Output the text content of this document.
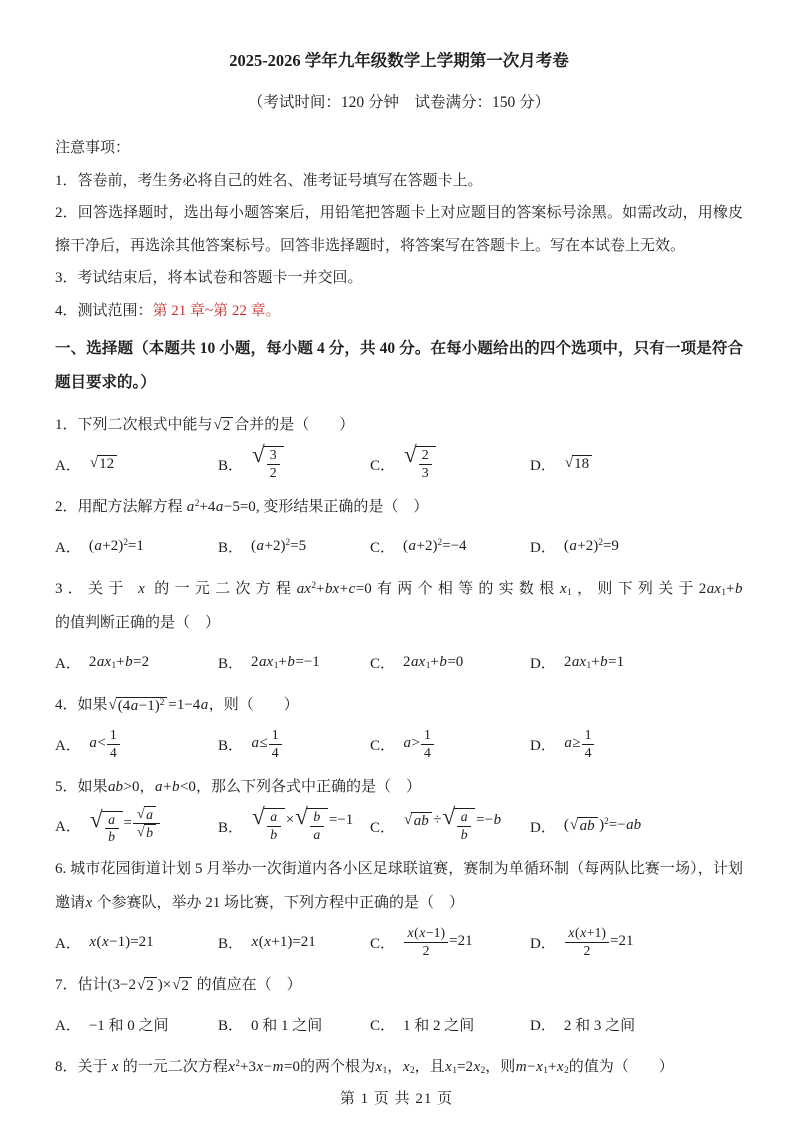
2025-2026 学年九年级数学上学期第一次月考卷
（考试时间：120 分钟　试卷满分：150 分）
注意事项：
1．答卷前，考生务必将自己的姓名、准考证号填写在答题卡上。
2．回答选择题时，选出每小题答案后，用铅笔把答题卡上对应题目的答案标号涂黑。如需改动，用橡皮擦干净后，再选涂其他答案标号。回答非选择题时，将答案写在答题卡上。写在本试卷上无效。
3．考试结束后，将本试卷和答题卡一并交回。
4．测试范围：第 21 章~第 22 章。
一、选择题（本题共 10 小题，每小题 4 分，共 40 分。在每小题给出的四个选项中，只有一项是符合题目要求的。）
1．下列二次根式中能与 √ 2 合并的是（　　）
A． √ 12	B． √ $\frac{3}{2}$	C． √ $\frac{2}{3}$	D． √ 18
2．用配方法解方程 $a^2+4a-5=0$, 变形结果正确的是（　）
A． $(a+2)^2=1$	B． $(a+2)^2=5$	C． $(a+2)^2=-4$	D． $(a+2)^2=9$
3．关于 x 的一元二次方程$ax^2+bx+c=0$有两个相等的实数根$x_1$，则下列关于$2ax_1+b$的值判断正确的是（　）
A． $2ax_1+b=2$	B． $2ax_1+b=-1$	C． $2ax_1+b=0$	D． $2ax_1+b=1$
4．如果 √ $(4a-1)^2 =1-4a$，则（　　）
A． $a< \frac{1}{4}$	B． $a\le \frac{1}{4}$	C． $a> \frac{1}{4}$	D． $a\ge \frac{1}{4}$
5．如果ab>0，a+b<0，那么下列各式中正确的是（　）
A． √ $\frac{a}{b} = \frac{√ a}{√ b}$	B． √ $\frac{a}{b}$ × √ $\frac{b}{a} =-1$ C． √ ab ÷ √ $\frac{a}{b} =-b$ D． ( √ ab )$^2$=−ab
6. 城市花园街道计划 5 月举办一次街道内各小区足球联谊赛，赛制为单循环制（每两队比赛一场），计划邀请x 个参赛队，举办 21 场比赛，下列方程中正确的是（　）
A． x(x−1)=21	B． x(x+1)=21	C． $\frac{x(x-1)}{2} =21$	D． $\frac{x(x+1)}{2} =21$
7．估计(3−2 √ 2 )× √ 2 的值应在（　）
A． −1 和 0 之间	B． 0 和 1 之间	C． 1 和 2 之间	D． 2 和 3 之间
8．关于 x 的一元二次方程$x^2+3x-m=0$的两个根为$x_1$，$x_2$，且$x_1=2x_2$，则$m-x_1+x_2$的值为（　　）
第 1 页 共 21 页
